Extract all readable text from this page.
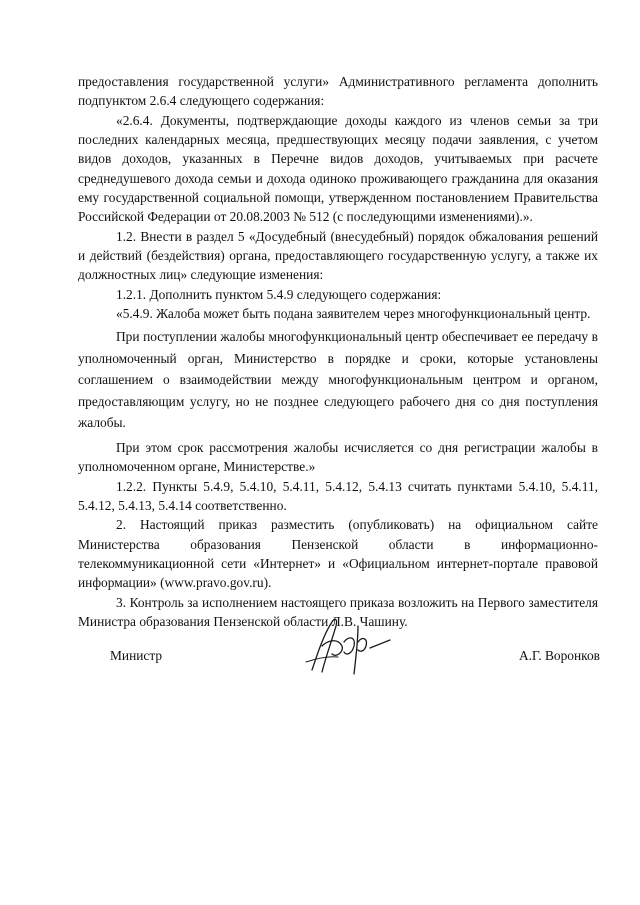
предоставления государственной услуги» Административного регламента дополнить подпунктом 2.6.4 следующего содержания:

«2.6.4. Документы, подтверждающие доходы каждого из членов семьи за три последних календарных месяца, предшествующих месяцу подачи заявления, с учетом видов доходов, указанных в Перечне видов доходов, учитываемых при расчете среднедушевого дохода семьи и дохода одиноко проживающего гражданина для оказания ему государственной социальной помощи, утвержденном постановлением Правительства Российской Федерации от 20.08.2003 № 512 (с последующими изменениями).».

1.2. Внести в раздел 5 «Досудебный (внесудебный) порядок обжалования решений и действий (бездействия) органа, предоставляющего государственную услугу, а также их должностных лиц» следующие изменения:

1.2.1. Дополнить пунктом 5.4.9 следующего содержания:

«5.4.9. Жалоба может быть подана заявителем через многофункциональный центр.

При поступлении жалобы многофункциональный центр обеспечивает ее передачу в уполномоченный орган, Министерство в порядке и сроки, которые установлены соглашением о взаимодействии между многофункциональным центром и органом, предоставляющим услугу, но не позднее следующего рабочего дня со дня поступления жалобы.

При этом срок рассмотрения жалобы исчисляется со дня регистрации жалобы в уполномоченном органе, Министерстве.»

1.2.2. Пункты 5.4.9, 5.4.10, 5.4.11, 5.4.12, 5.4.13 считать пунктами 5.4.10, 5.4.11, 5.4.12, 5.4.13, 5.4.14 соответственно.

2. Настоящий приказ разместить (опубликовать) на официальном сайте Министерства образования Пензенской области в информационно-телекоммуникационной сети «Интернет» и «Официальном интернет-портале правовой информации» (www.pravo.gov.ru).

3. Контроль за исполнением настоящего приказа возложить на Первого заместителя Министра образования Пензенской области Л.В. Чашину.

Министр	А.Г. Воронков
